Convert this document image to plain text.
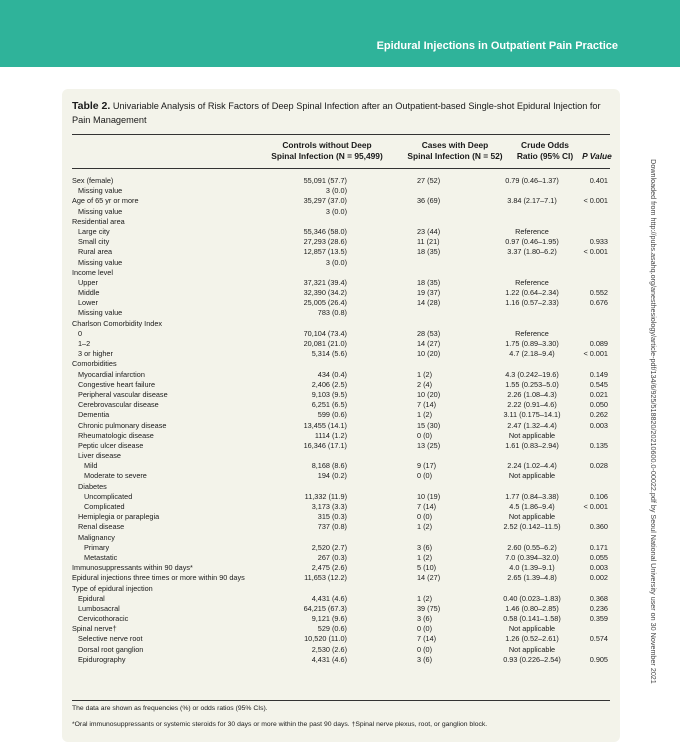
Epidural Injections in Outpatient Pain Practice
Table 2. Univariable Analysis of Risk Factors of Deep Spinal Infection after an Outpatient-based Single-shot Epidural Injection for Pain Management
Controls without Deep
Spinal Infection (N = 95,499)
Cases with Deep
Spinal Infection (N = 52)
Crude Odds
Ratio (95% CI)	P Value
Sex (female)	55,091 (57.7)	27 (52)	0.79 (0.46–1.37)	0.401
Missing value	3 (0.0)
Age of 65 yr or more	35,297 (37.0)	36 (69)	3.84 (2.17–7.1)	< 0.001
Missing value	3 (0.0)
Residential area
Large city	55,346 (58.0)	23 (44)	Reference
Small city	27,293 (28.6)	11 (21)	0.97 (0.46–1.95)	0.933
Rural area	12,857 (13.5)	18 (35)	3.37 (1.80–6.2)	< 0.001
Missing value	3 (0.0)
Income level
Upper	37,321 (39.4)	18 (35)	Reference
Middle	32,390 (34.2)	19 (37)	1.22 (0.64–2.34)	0.552
Lower	25,005 (26.4)	14 (28)	1.16 (0.57–2.33)	0.676
Missing value	783 (0.8)
Charlson Comorbidity Index
0	70,104 (73.4)	28 (53)	Reference
1–2	20,081 (21.0)	14 (27)	1.75 (0.89–3.30)	0.089
3 or higher	5,314 (5.6)	10 (20)	4.7 (2.18–9.4)	< 0.001
Comorbidities
Myocardial infarction	434 (0.4)	1 (2)	4.3 (0.242–19.6)	0.149
Congestive heart failure	2,406 (2.5)	2 (4)	1.55 (0.253–5.0)	0.545
Peripheral vascular disease	9,103 (9.5)	10 (20)	2.26 (1.08–4.3)	0.021
Cerebrovascular disease	6,251 (6.5)	7 (14)	2.22 (0.91–4.6)	0.050
Dementia	599 (0.6)	1 (2)	3.11 (0.175–14.1)	0.262
Chronic pulmonary disease	13,455 (14.1)	15 (30)	2.47 (1.32–4.4)	0.003
Rheumatologic disease	1114 (1.2)	0 (0)	Not applicable
Peptic ulcer disease	16,346 (17.1)	13 (25)	1.61 (0.83–2.94)	0.135
Liver disease
Mild	8,168 (8.6)	9 (17)	2.24 (1.02–4.4)	0.028
Moderate to severe	194 (0.2)	0 (0)	Not applicable
Diabetes
Uncomplicated	11,332 (11.9)	10 (19)	1.77 (0.84–3.38)	0.106
Complicated	3,173 (3.3)	7 (14)	4.5 (1.86–9.4)	< 0.001
Hemiplegia or paraplegia	315 (0.3)	0 (0)	Not applicable
Renal disease	737 (0.8)	1 (2)	2.52 (0.142–11.5)	0.360
Malignancy
Primary	2,520 (2.7)	3 (6)	2.60 (0.55–6.2)	0.171
Metastatic	267 (0.3)	1 (2)	7.0 (0.394–32.0)	0.055
Immunosuppressants within 90 days*	2,475 (2.6)	5 (10)	4.0 (1.39–9.1)	0.003
Epidural injections three times or more within 90 days	11,653 (12.2)	14 (27)	2.65 (1.39–4.8)	0.002
Type of epidural injection
Epidural	4,431 (4.6)	1 (2)	0.40 (0.023–1.83)	0.368
Lumbosacral	64,215 (67.3)	39 (75)	1.46 (0.80–2.85)	0.236
Cervicothoracic	9,121 (9.6)	3 (6)	0.58 (0.141–1.58)	0.359
Spinal nerve†	529 (0.6)	0 (0)	Not applicable
Selective nerve root	10,520 (11.0)	7 (14)	1.26 (0.52–2.61)	0.574
Dorsal root ganglion	2,530 (2.6)	0 (0)	Not applicable
Epidurography	4,431 (4.6)	3 (6)	0.93 (0.226–2.54)	0.905
The data are shown as frequencies (%) or odds ratios (95% CIs).
*Oral immunosuppressants or systemic steroids for 30 days or more within the past 90 days. †Spinal nerve plexus, root, or ganglion block.
Downloaded from http://pubs.asahq.org/anesthesiology/article-pdf/134/6/925/518820/20210600.0-00022.pdf by Seoul National University user on 30 November 2021
